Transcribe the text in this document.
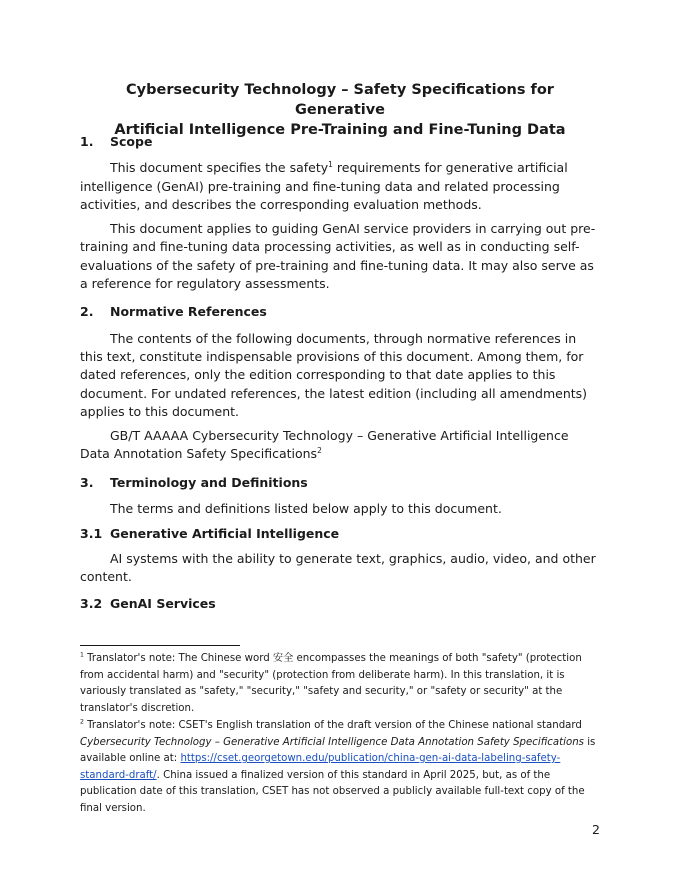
Cybersecurity Technology – Safety Specifications for Generative
Artificial Intelligence Pre-Training and Fine-Tuning Data
1.	Scope

This document specifies the safety$^1$ requirements for generative artificial intelligence (GenAI) pre-training and fine-tuning data and related processing activities, and describes the corresponding evaluation methods.

This document applies to guiding GenAI service providers in carrying out pre-training and fine-tuning data processing activities, as well as in conducting self-evaluations of the safety of pre-training and fine-tuning data. It may also serve as a reference for regulatory assessments.

2.	Normative References

The contents of the following documents, through normative references in this text, constitute indispensable provisions of this document. Among them, for dated references, only the edition corresponding to that date applies to this document. For undated references, the latest edition (including all amendments) applies to this document.

GB/T AAAAA Cybersecurity Technology – Generative Artificial Intelligence Data Annotation Safety Specifications$^2$

3.	Terminology and Definitions

The terms and definitions listed below apply to this document.

3.1 Generative Artificial Intelligence

AI systems with the ability to generate text, graphics, audio, video, and other content.

3.2 GenAI Services

$^1$ Translator's note: The Chinese word 安全 encompasses the meanings of both "safety" (protection from accidental harm) and "security" (protection from deliberate harm). In this translation, it is variously translated as "safety," "security," "safety and security," or "safety or security" at the translator's discretion.

$^2$ Translator's note: CSET's English translation of the draft version of the Chinese national standard Cybersecurity Technology – Generative Artificial Intelligence Data Annotation Safety Specifications is available online at: https://cset.georgetown.edu/publication/china-gen-ai-data-labeling-safety-standard-draft/. China issued a finalized version of this standard in April 2025, but, as of the publication date of this translation, CSET has not observed a publicly available full-text copy of the final version.

2
